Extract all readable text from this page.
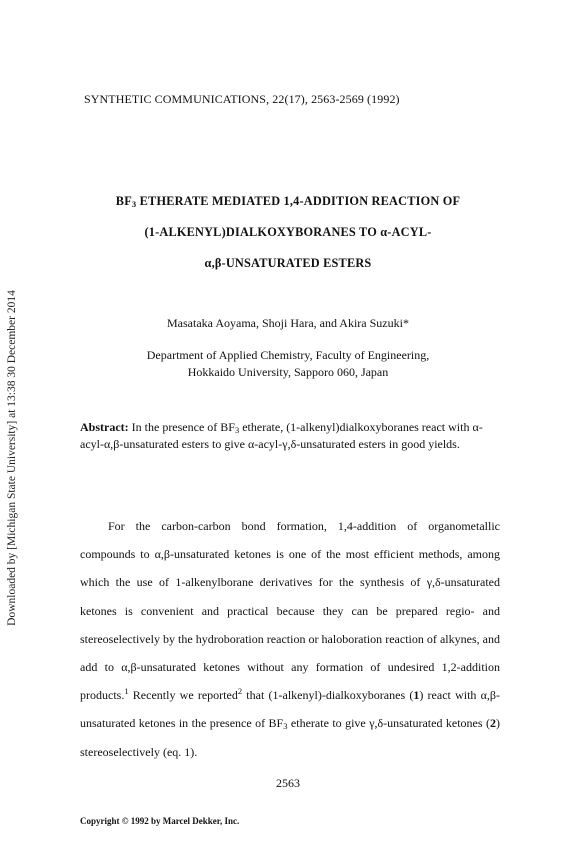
Downloaded by [Michigan State University] at 13:38 30 December 2014
SYNTHETIC COMMUNICATIONS, 22(17), 2563-2569 (1992)
$BF_3$ ETHERATE MEDIATED 1,4-ADDITION REACTION OF
(1-ALKENYL)DIALKOXYBORANES TO α-ACYL-
α,β-UNSATURATED ESTERS
Masataka Aoyama, Shoji Hara, and Akira Suzuki*
Department of Applied Chemistry, Faculty of Engineering,
Hokkaido University, Sapporo 060, Japan
Abstract: In the presence of $BF_3$ etherate, (1-alkenyl)dialkoxyboranes react with α-acyl-α,β-unsaturated esters to give α-acyl-γ,δ-unsaturated esters in good yields.
For the carbon-carbon bond formation, 1,4-addition of organometallic compounds to α,β-unsaturated ketones is one of the most efficient methods, among which the use of 1-alkenylborane derivatives for the synthesis of γ,δ-unsaturated ketones is convenient and practical because they can be prepared regio- and stereoselectively by the hydroboration reaction or haloboration reaction of alkynes, and add to α,β-unsaturated ketones without any formation of undesired 1,2-addition products.$^1$ Recently we reported$^2$ that (1-alkenyl)-dialkoxyboranes (1) react with α,β-unsaturated ketones in the presence of $BF_3$ etherate to give γ,δ-unsaturated ketones (2) stereoselectively (eq. 1).
2563
Copyright © 1992 by Marcel Dekker, Inc.
